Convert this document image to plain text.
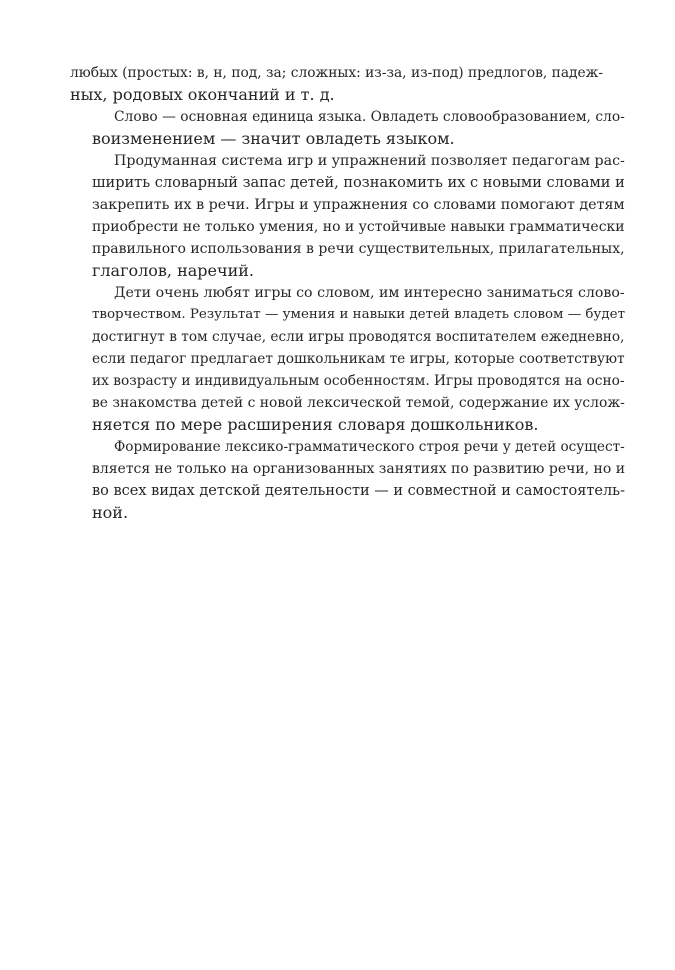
любых (простых: в, н, под, за; сложных: из-за, из-под) предлогов, падеж-
ных, родовых окончаний и т. д.

Слово — основная единица языка. Овладеть словообразованием, сло-
воизменением — значит овладеть языком.

Продуманная система игр и упражнений позволяет педагогам рас-
ширить словарный запас детей, познакомить их с новыми словами и
закрепить их в речи. Игры и упражнения со словами помогают детям
приобрести не только умения, но и устойчивые навыки грамматически
правильного использования в речи существительных, прилагательных,
глаголов, наречий.

Дети очень любят игры со словом, им интересно заниматься слово-
творчеством. Результат — умения и навыки детей владеть словом — будет
достигнут в том случае, если игры проводятся воспитателем ежедневно,
если педагог предлагает дошкольникам те игры, которые соответствуют
их возрасту и индивидуальным особенностям. Игры проводятся на осно-
ве знакомства детей с новой лексической темой, содержание их услож-
няется по мере расширения словаря дошкольников.

Формирование лексико-грамматического строя речи у детей осущест-
вляется не только на организованных занятиях по развитию речи, но и
во всех видах детской деятельности — и совместной и самостоятель-
ной.
